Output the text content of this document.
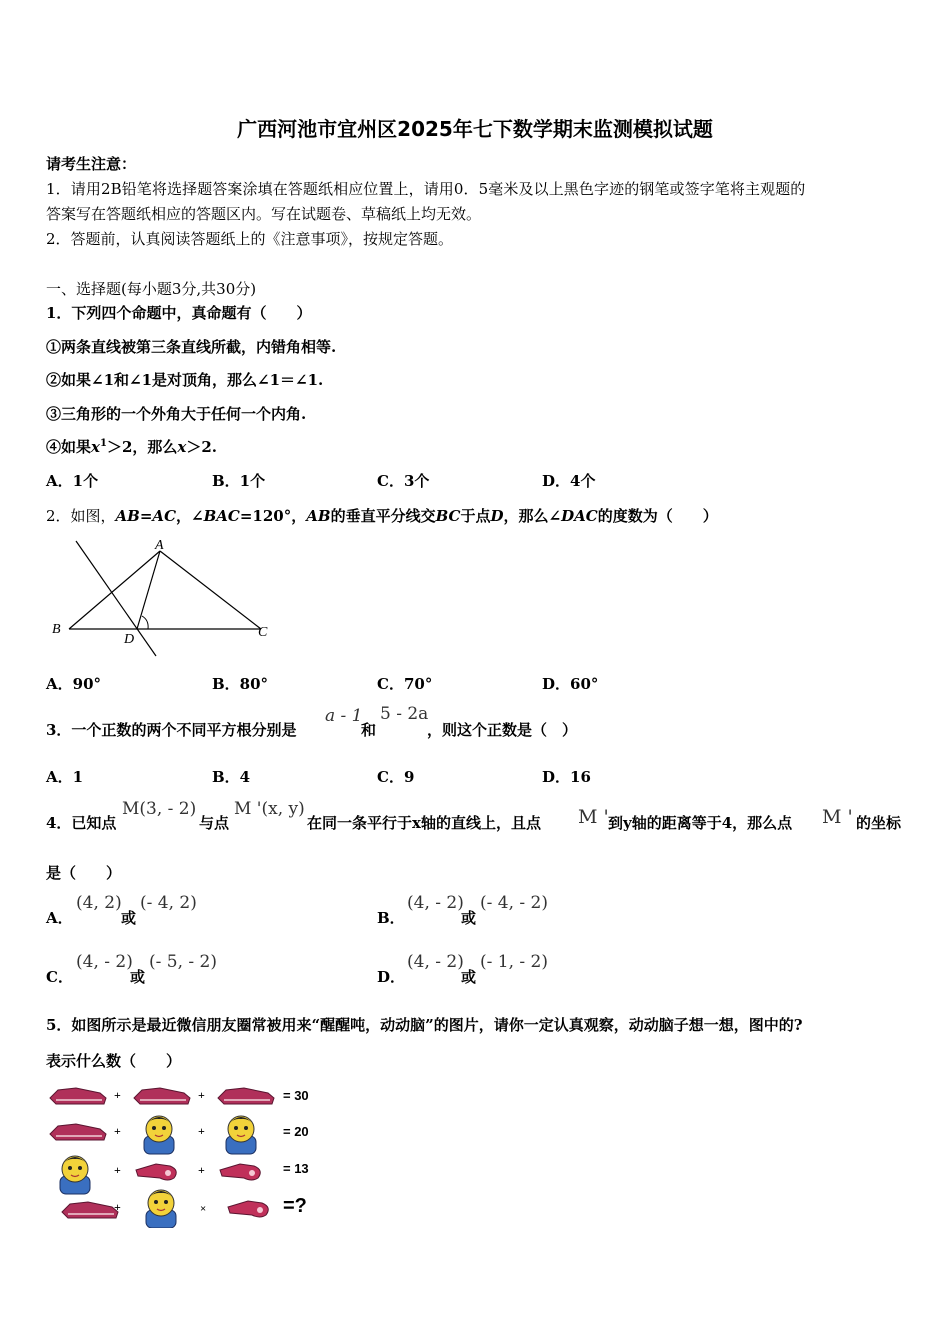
广西河池市宜州区2025年七下数学期末监测模拟试题
请考生注意：
1．请用2B铅笔将选择题答案涂填在答题纸相应位置上，请用0．5毫米及以上黑色字迹的钢笔或签字笔将主观题的
答案写在答题纸相应的答题区内。写在试题卷、草稿纸上均无效。
2．答题前，认真阅读答题纸上的《注意事项》，按规定答题。
一、选择题(每小题3分,共30分)
1．下列四个命题中，真命题有（　　）
①两条直线被第三条直线所截，内错角相等.
②如果∠1和∠1是对顶角，那么∠1＝∠1.
③三角形的一个外角大于任何一个内角.
④如果$x^1>2$，那么x＞2.
A．1个	B．1个	C．3个	D．4个
2．如图，AB=AC，∠BAC=120°，AB的垂直平分线交BC于点D，那么∠DAC的度数为（　　）
A
B	C
D
A．90°	B．80°	C．70°	D．60°
3．一个正数的两个不同平方根分别是
a - 1
和
5 - 2a
，则这个正数是（　）
A．1	B．4	C．9	D．16
4．已知点
M(3, - 2)
与点
M '(x, y)
在同一条平行于x轴的直线上，且点 M ' 到y轴的距离等于4，那么点 M ' 的坐标
是（　　）
A．
(4, 2)
或
(- 4, 2)
B．
(4, - 2)
或
(- 4, - 2)
C．
(4, - 2)
或
(- 5, - 2)
D．
(4, - 2)
或
(- 1, - 2)
5．如图所示是最近微信朋友圈常被用来“醒醒吨，动动脑”的图片，请你一定认真观察，动动脑子想一想，图中的?
表示什么数（　　）
+	+	= 30
+	+	= 20
+	+	= 13
+	×	=?
